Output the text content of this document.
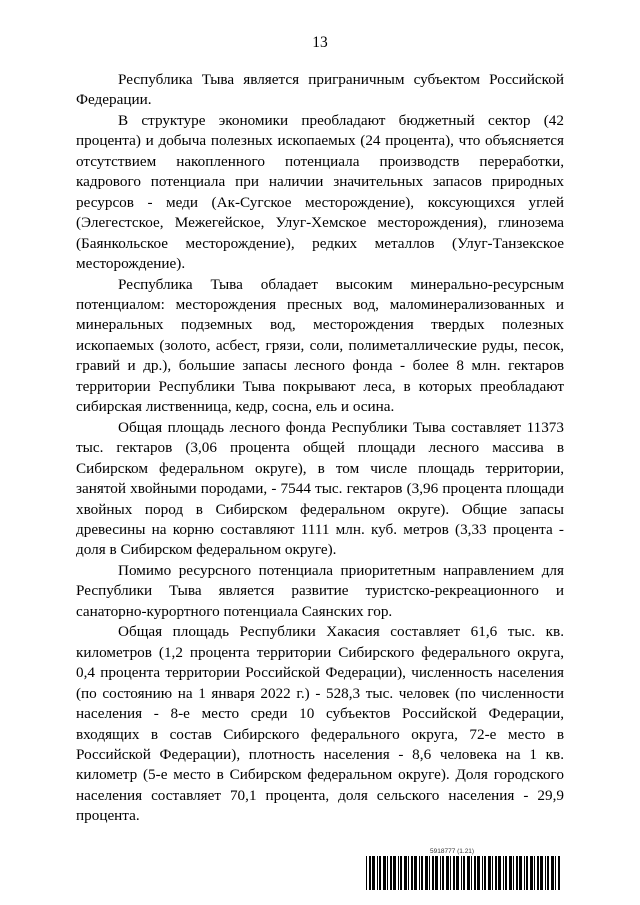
13

Республика Тыва является приграничным субъектом Российской Федерации.

В структуре экономики преобладают бюджетный сектор (42 процента) и добыча полезных ископаемых (24 процента), что объясняется отсутствием накопленного потенциала производств переработки, кадрового потенциала при наличии значительных запасов природных ресурсов - меди (Ак-Сугское месторождение), коксующихся углей (Элегестское, Межегейское, Улуг-Хемское месторождения), глинозема (Баянкольское месторождение), редких металлов (Улуг-Танзекское месторождение).

Республика Тыва обладает высоким минерально-ресурсным потенциалом: месторождения пресных вод, маломинерализованных и минеральных подземных вод, месторождения твердых полезных ископаемых (золото, асбест, грязи, соли, полиметаллические руды, песок, гравий и др.), большие запасы лесного фонда - более 8 млн. гектаров территории Республики Тыва покрывают леса, в которых преобладают сибирская лиственница, кедр, сосна, ель и осина.

Общая площадь лесного фонда Республики Тыва составляет 11373 тыс. гектаров (3,06 процента общей площади лесного массива в Сибирском федеральном округе), в том числе площадь территории, занятой хвойными породами, - 7544 тыс. гектаров (3,96 процента площади хвойных пород в Сибирском федеральном округе). Общие запасы древесины на корню составляют 1111 млн. куб. метров (3,33 процента - доля в Сибирском федеральном округе).

Помимо ресурсного потенциала приоритетным направлением для Республики Тыва является развитие туристско-рекреационного и санаторно-курортного потенциала Саянских гор.

Общая площадь Республики Хакасия составляет 61,6 тыс. кв. километров (1,2 процента территории Сибирского федерального округа, 0,4 процента территории Российской Федерации), численность населения (по состоянию на 1 января 2022 г.) - 528,3 тыс. человек (по численности населения - 8-е место среди 10 субъектов Российской Федерации, входящих в состав Сибирского федерального округа, 72-е место в Российской Федерации), плотность населения - 8,6 человека на 1 кв. километр (5-е место в Сибирском федеральном округе). Доля городского населения составляет 70,1 процента, доля сельского населения - 29,9 процента.

5918777 (1.21)
